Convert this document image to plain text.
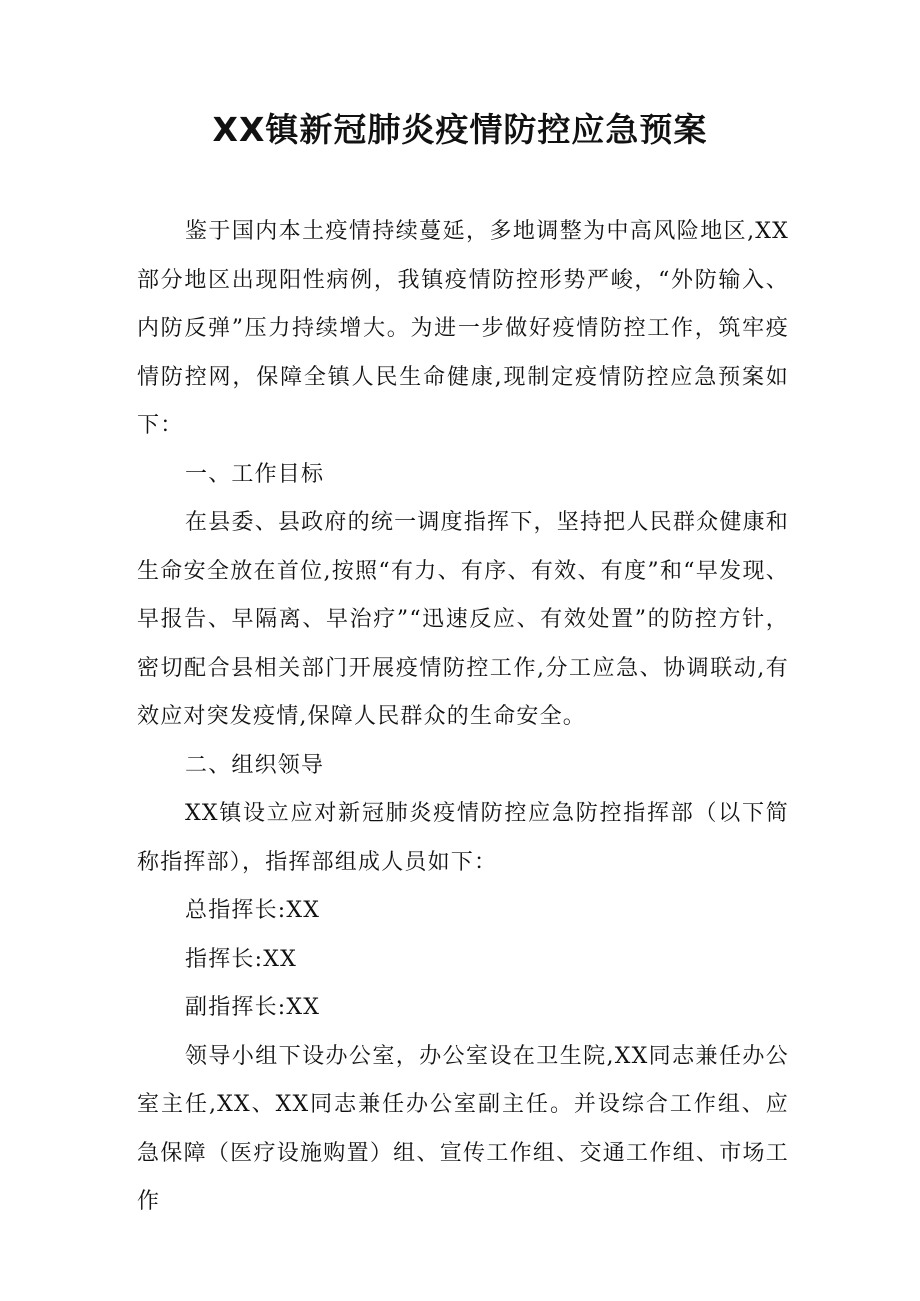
XX镇新冠肺炎疫情防控应急预案

鉴于国内本土疫情持续蔓延，多地调整为中高风险地区,XX部分地区出现阳性病例，我镇疫情防控形势严峻，“外防输入、内防反弹”压力持续增大。为进一步做好疫情防控工作，筑牢疫情防控网，保障全镇人民生命健康,现制定疫情防控应急预案如下：

一、工作目标

在县委、县政府的统一调度指挥下，坚持把人民群众健康和生命安全放在首位,按照“有力、有序、有效、有度”和“早发现、早报告、早隔离、早治疗”“迅速反应、有效处置”的防控方针，密切配合县相关部门开展疫情防控工作,分工应急、协调联动,有效应对突发疫情,保障人民群众的生命安全。

二、组织领导

XX镇设立应对新冠肺炎疫情防控应急防控指挥部（以下简称指挥部），指挥部组成人员如下：

总指挥长:XX

指挥长:XX

副指挥长:XX

领导小组下设办公室，办公室设在卫生院,XX同志兼任办公室主任,XX、XX同志兼任办公室副主任。并设综合工作组、应急保障（医疗设施购置）组、宣传工作组、交通工作组、市场工作
